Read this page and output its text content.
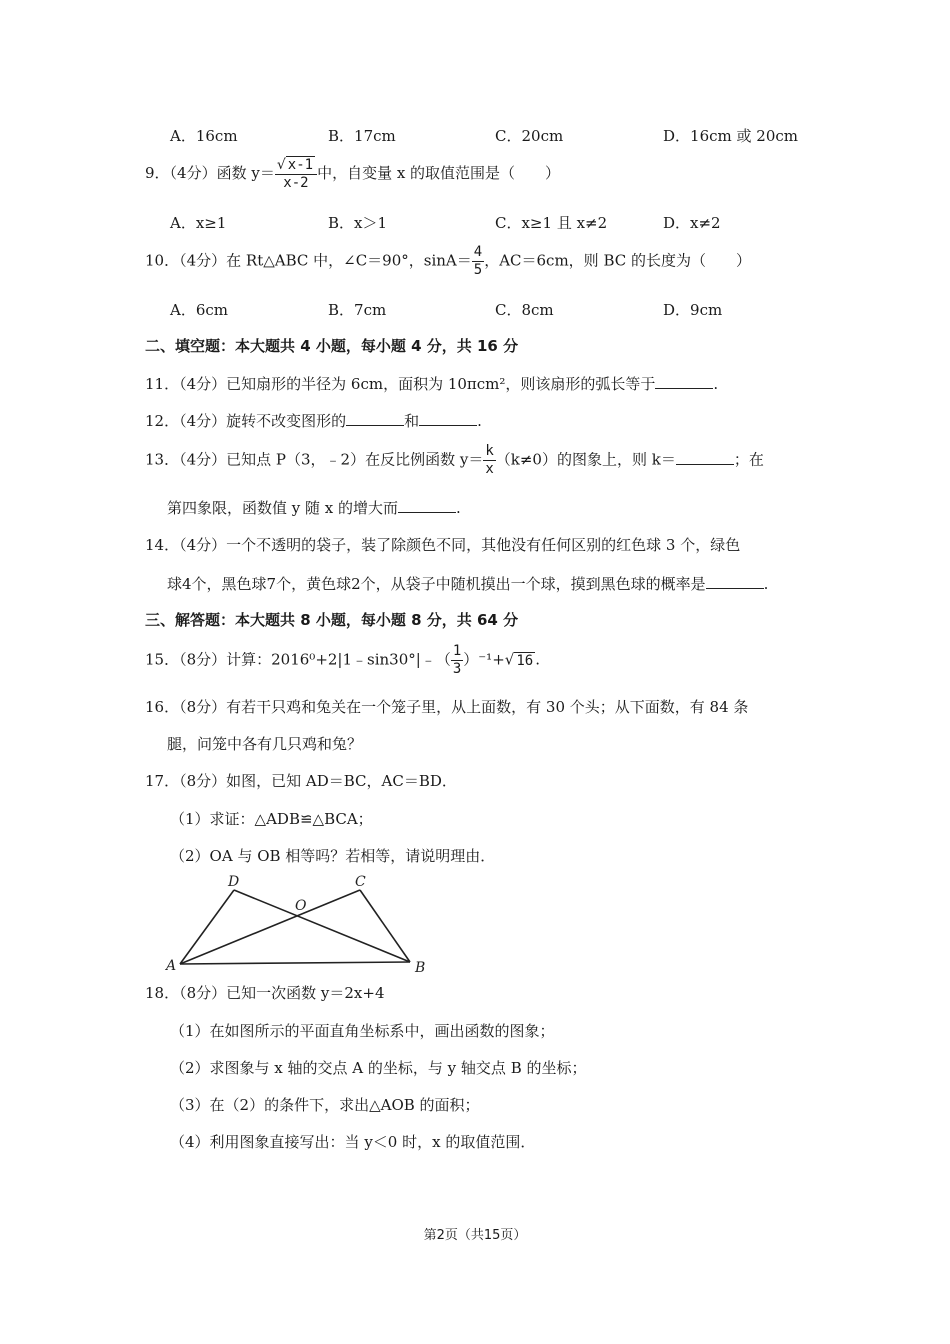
A．16cm	B．17cm	C．20cm	D．16cm 或 20cm
9．（4分）函数 $y= \frac{√ x-1}{x-2}$ 中，自变量 x 的取值范围是（　　）
A．x≥1	B．x＞1	C．x≥1 且 x≠2	D．x≠2
10．（4分）在 Rt△ABC 中，∠C＝90°，$\sin A= \frac{4}{5}$ ，AC＝6cm，则 BC 的长度为（　　）
A．6cm	B．7cm	C．8cm	D．9cm
二、填空题：本大题共 4 小题，每小题 4 分，共 16 分
11．（4分）已知扇形的半径为 6cm，面积为 10πcm²，则该扇形的弧长等于	.
12．（4分）旋转不改变图形的	和	.
13．（4分）已知点 P（3，﹣2）在反比例函数 $y= \frac{k}{x} (k\ne 0)$的图象上，则 k＝	；在
第四象限，函数值 y 随 x 的增大而	.
14．（4分）一个不透明的袋子，装了除颜色不同，其他没有任何区别的红色球 3 个，绿色
球4个，黑色球7个，黄色球2个，从袋子中随机摸出一个球，摸到黑色球的概率是	.
三、解答题：本大题共 8 小题，每小题 8 分，共 64 分
15．（8分）计算：2016⁰+2|1﹣sin30°|﹣（ $\frac{1}{3} )^{-1}+√$ 16 .
16．（8分）有若干只鸡和兔关在一个笼子里，从上面数，有 30 个头；从下面数，有 84 条
腿，问笼中各有几只鸡和兔？
17．（8分）如图，已知 AD＝BC，AC＝BD．
（1）求证：△ADB≌△BCA；
（2）OA 与 OB 相等吗？若相等，请说明理由．
D	C
O
A	B
18．（8分）已知一次函数 y＝2x+4
（1）在如图所示的平面直角坐标系中，画出函数的图象；
（2）求图象与 x 轴的交点 A 的坐标，与 y 轴交点 B 的坐标；
（3）在（2）的条件下，求出△AOB 的面积；
（4）利用图象直接写出：当 y＜0 时，x 的取值范围．
第2页（共15页）
